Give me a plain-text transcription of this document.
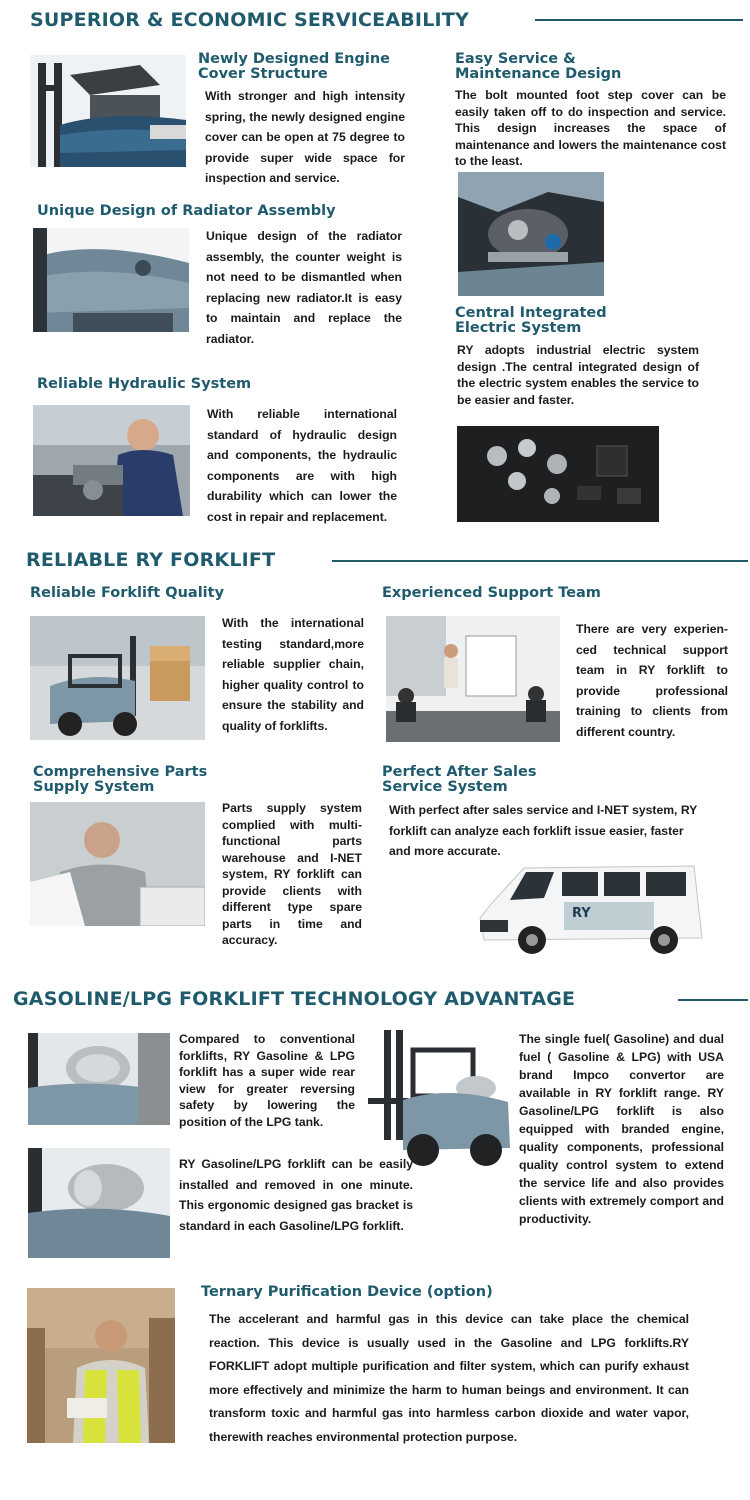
SUPERIOR & ECONOMIC SERVICEABILITY
Newly Designed Engine
Cover Structure
With stronger and high intensity spring, the newly designed engine cover can be open at 75 degree to provide super wide space for inspection and service.
Easy Service &
Maintenance Design
The bolt mounted foot step cover can be easily taken off to do inspection and service. This design increases the space of maintenance and lowers the maintenance cost to the least.
Unique Design of Radiator Assembly
Unique design of the radiator assembly, the counter weight is not need to be dismantled when replacing new radiator.It is easy to maintain and replace the radiator.
Central Integrated
Electric System
RY adopts industrial electric system design .The central integrated design of the electric system enables the service to be easier and faster.
Reliable Hydraulic System
With reliable international standard of hydraulic design and components, the hydraulic components are with high durability which can lower the cost in repair and replacement.
RELIABLE RY FORKLIFT
Reliable Forklift Quality
With the international testing standard,more reliable supplier chain, higher quality control to ensure the stability and quality of forklifts.
Experienced Support Team
There are very experien-ced technical support team in RY forklift to provide professional training to clients from different country.
Comprehensive Parts
Supply System
Parts supply system complied with multi-functional parts warehouse and I-NET system, RY forklift can provide clients with different type spare parts in time and accuracy.
Perfect After Sales
Service System
With perfect after sales service and I-NET system, RY forklift can analyze each forklift issue easier, faster and more accurate.
RY
GASOLINE/LPG FORKLIFT TECHNOLOGY ADVANTAGE
Compared to conventional forklifts, RY Gasoline & LPG forklift has a super wide rear view for greater reversing safety by lowering the position of the LPG tank.
RY Gasoline/LPG forklift can be easily installed and removed in one minute. This ergonomic designed gas bracket is standard in each Gasoline/LPG forklift.
The single fuel( Gasoline) and dual fuel ( Gasoline & LPG) with USA brand Impco convertor are available in RY forklift range. RY Gasoline/LPG forklift is also equipped with branded engine, quality components, professional quality control system to extend the service life and also provides clients with extremely comport and productivity.
Ternary Purification Device (option)
The accelerant and harmful gas in this device can take place the chemical reaction. This device is usually used in the Gasoline and LPG forklifts.RY FORKLIFT adopt multiple purification and filter system, which can purify exhaust more effectively and minimize the harm to human beings and environment. It can transform toxic and harmful gas into harmless carbon dioxide and water vapor, therewith reaches environmental protection purpose.
